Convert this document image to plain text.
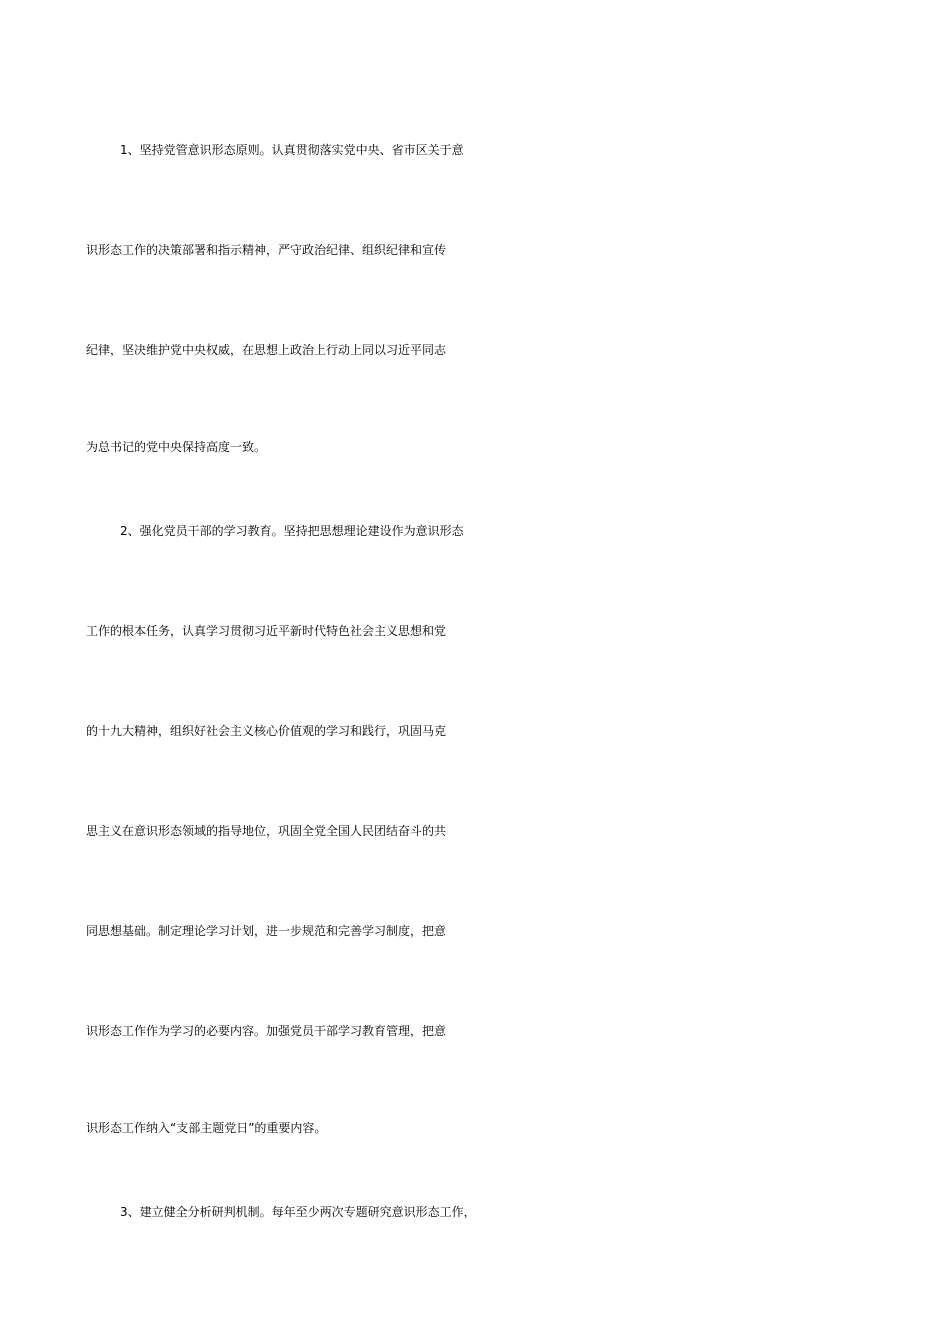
1、坚持党管意识形态原则。认真贯彻落实党中央、省市区关于意
识形态工作的决策部署和指示精神，严守政治纪律、组织纪律和宣传
纪律，坚决维护党中央权威，在思想上政治上行动上同以习近平同志
为总书记的党中央保持高度一致。
2、强化党员干部的学习教育。坚持把思想理论建设作为意识形态
工作的根本任务，认真学习贯彻习近平新时代特色社会主义思想和党
的十九大精神，组织好社会主义核心价值观的学习和践行，巩固马克
思主义在意识形态领域的指导地位，巩固全党全国人民团结奋斗的共
同思想基础。制定理论学习计划，进一步规范和完善学习制度，把意
识形态工作作为学习的必要内容。加强党员干部学习教育管理，把意
识形态工作纳入“支部主题党日”的重要内容。
3、建立健全分析研判机制。每年至少两次专题研究意识形态工作，
